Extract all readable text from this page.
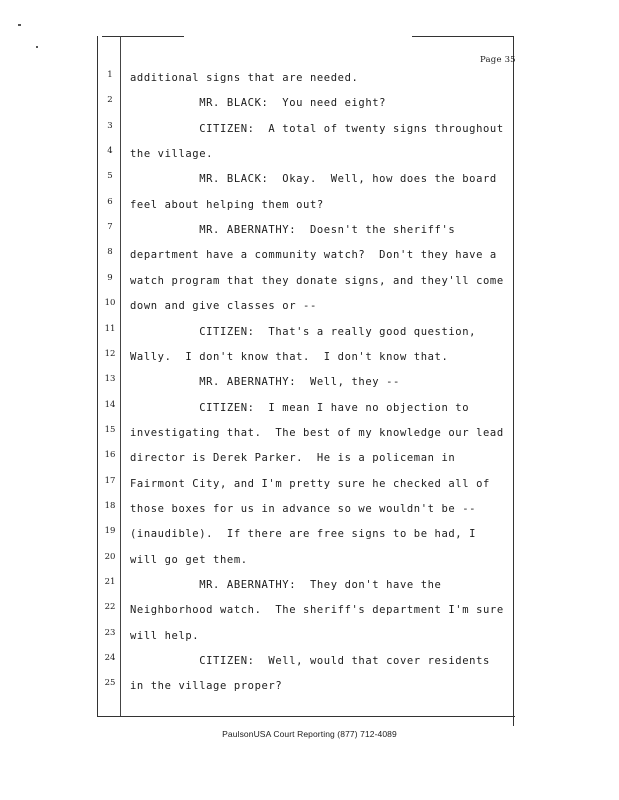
Page 35
1	additional signs that are needed.
2	MR. BLACK:  You need eight?
3	CITIZEN:  A total of twenty signs throughout
4	the village.
5	MR. BLACK:  Okay.  Well, how does the board
6	feel about helping them out?
7	MR. ABERNATHY:  Doesn't the sheriff's
8	department have a community watch?  Don't they have a
9	watch program that they donate signs, and they'll come
10 down and give classes or --
11 CITIZEN:  That's a really good question,
12 Wally.  I don't know that.  I don't know that.
13 MR. ABERNATHY:  Well, they --
14 CITIZEN:  I mean I have no objection to
15 investigating that.  The best of my knowledge our lead
16 director is Derek Parker.  He is a policeman in
17 Fairmont City, and I'm pretty sure he checked all of
18 those boxes for us in advance so we wouldn't be --
19 (inaudible).  If there are free signs to be had, I
20 will go get them.
21 MR. ABERNATHY:  They don't have the
22 Neighborhood watch.  The sheriff's department I'm sure
23 will help.
24 CITIZEN:  Well, would that cover residents
25 in the village proper?
PaulsonUSA Court Reporting (877) 712-4089
